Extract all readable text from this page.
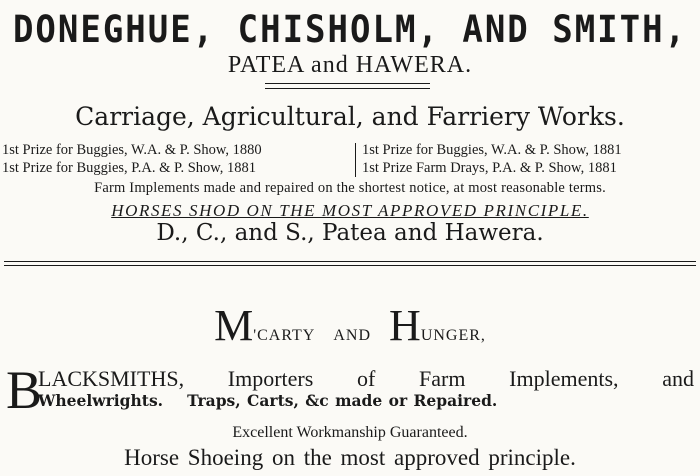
DONEGHUE, CHISHOLM, AND SMITH,
PATEA and HAWERA.
Carriage, Agricultural, and Farriery Works.
1st Prize for Buggies, W.A. & P. Show, 1880
1st Prize for Buggies, P.A. & P. Show, 1881
1st Prize for Buggies, W.A. & P. Show, 1881
1st Prize Farm Drays, P.A. & P. Show, 1881
Farm Implements made and repaired on the shortest notice, at most reasonable terms.
HORSES SHOD ON THE MOST APPROVED PRINCIPLE.
D., C., and S., Patea and Hawera.
M'CARTY AND HUNGER,
B
LACKSMITHS, Importers of Farm Implements, and
Wheelwrights. Traps, Carts, &c made or Repaired.
Excellent Workmanship Guaranteed.
Horse Shoeing on the most approved principle.
